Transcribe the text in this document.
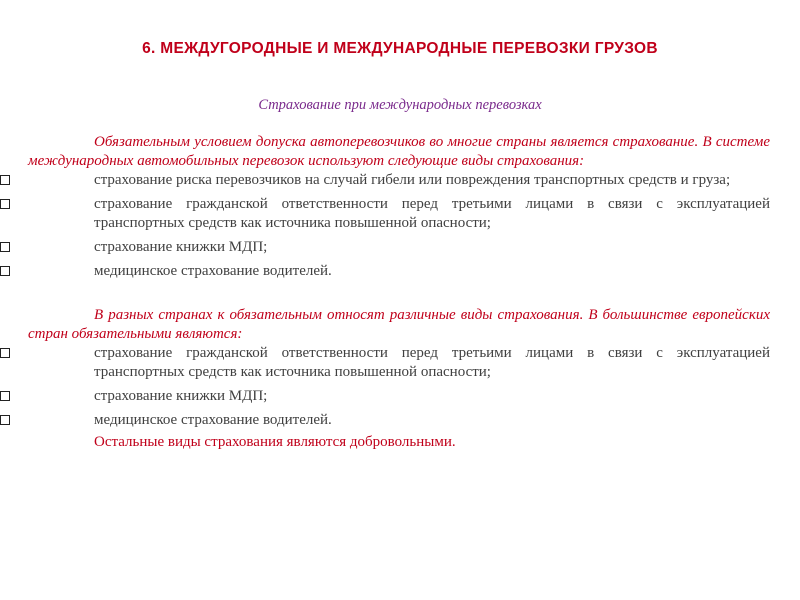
6. МЕЖДУГОРОДНЫЕ И МЕЖДУНАРОДНЫЕ ПЕРЕВОЗКИ ГРУЗОВ
Страхование при международных перевозках

Обязательным условием допуска автоперевозчиков во многие страны является страхование. В системе международных автомобильных перевозок используют следующие виды страхования:

страхование риска перевозчиков на случай гибели или повреждения транспортных средств и груза;
страхование гражданской ответственности перед третьими лицами в связи с эксплуатацией транспортных средств как источника повышенной опасности;
страхование книжки МДП;
медицинское страхование водителей.

В разных странах к обязательным относят различные виды страхования. В большинстве европейских стран обязательными являются:

страхование гражданской ответственности перед третьими лицами в связи с эксплуатацией транспортных средств как источника повышенной опасности;
страхование книжки МДП;
медицинское страхование водителей.

Остальные виды страхования являются добровольными.
